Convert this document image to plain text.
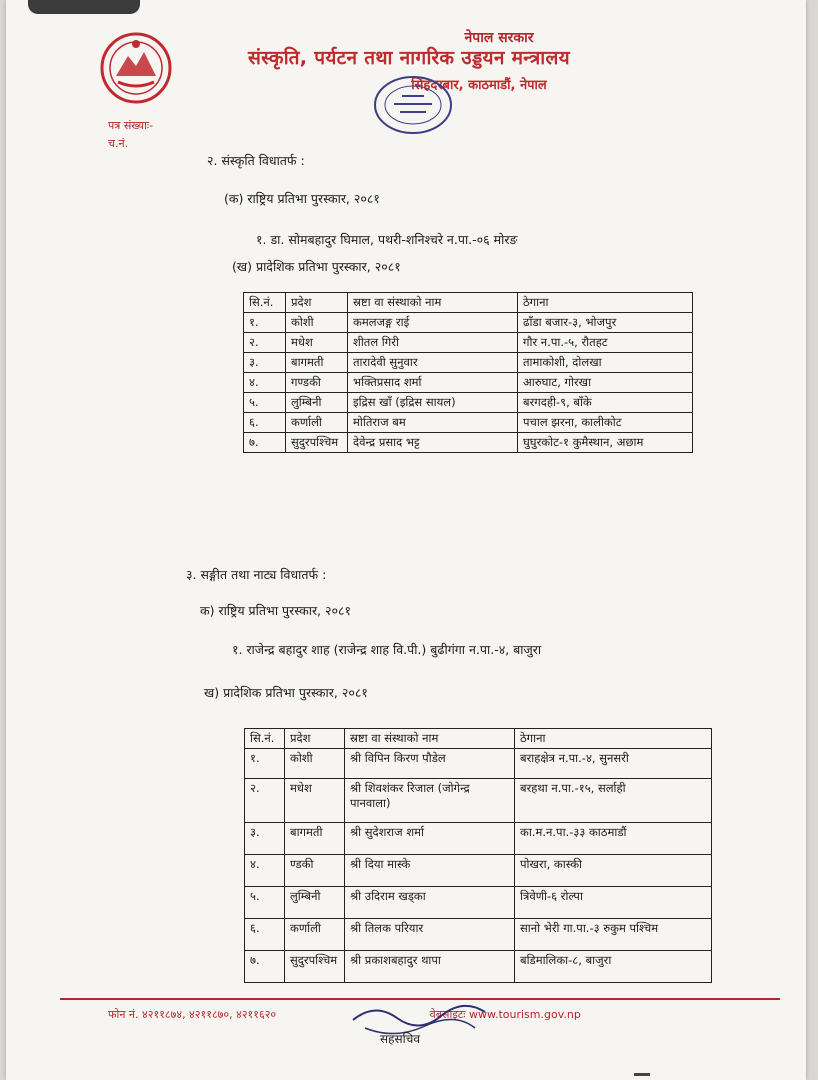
नेपाल सरकार
संस्कृति, पर्यटन तथा नागरिक उड्डयन मन्त्रालय
सिंहदरबार, काठमाडौं, नेपाल
पत्र संख्याः-
च.नं.
२. संस्कृति विधातर्फ :
(क) राष्ट्रिय प्रतिभा पुरस्कार, २०८१
१. डा. सोमबहादुर घिमाल, पथरी-शनिश्चरे न.पा.-०६ मोरङ
(ख) प्रादेशिक प्रतिभा पुरस्कार, २०८१
सि.नं.	प्रदेश	स्रष्टा वा संस्थाको नाम	ठेगाना
१.	कोशी	कमलजङ्ग राई	ढाँडा बजार-३, भोजपुर
२.	मधेश	शीतल गिरी	गौर न.पा.-५, रौतहट
३.	बागमती	तारादेवी सुनुवार	तामाकोशी, दोलखा
४.	गण्डकी	भक्तिप्रसाद शर्मा	आरुघाट, गोरखा
५.	लुम्बिनी	इद्रिस खाँ (इद्रिस सायल)	बरगदही-९, बाँके
६.	कर्णाली	मोतिराज बम	पचाल झरना, कालीकोट
७.	सुदुरपश्चिम	देवेन्द्र प्रसाद भट्ट	घुघुरकोट-१ कुमैस्थान, अछाम
३. सङ्गीत तथा नाट्य विधातर्फ :
क) राष्ट्रिय प्रतिभा पुरस्कार, २०८१
१. राजेन्द्र बहादुर शाह (राजेन्द्र शाह वि.पी.) बुढीगंगा न.पा.-४, बाजुरा
ख) प्रादेशिक प्रतिभा पुरस्कार, २०८१
सि.नं.	प्रदेश	स्रष्टा वा संस्थाको नाम	ठेगाना
१.	कोशी	श्री विपिन किरण पौडेल	बराहक्षेत्र न.पा.-४, सुनसरी
२.	मधेश	श्री शिवशंकर रिजाल (जोगेन्द्र पानवाला)	बरहथा न.पा.-१५, सर्लाही
३.	बागमती	श्री सुदेशराज शर्मा	का.म.न.पा.-३३ काठमाडौं
४.	ण्डकी	श्री दिया मास्के	पोखरा, कास्की
५.	लुम्बिनी	श्री उदिराम खड्का	त्रिवेणी-६ रोल्पा
६.	कर्णाली	श्री तिलक परियार	सानो भेरी गा.पा.-३ रुकुम पश्चिम
७.	सुदुरपश्चिम	श्री प्रकाशबहादुर थापा	बडिमालिका-८, बाजुरा
फोन नं. ४२११८७४, ४२११८७०, ४२११६२०	वेबसाइटः www.tourism.gov.np
सहसचिव
